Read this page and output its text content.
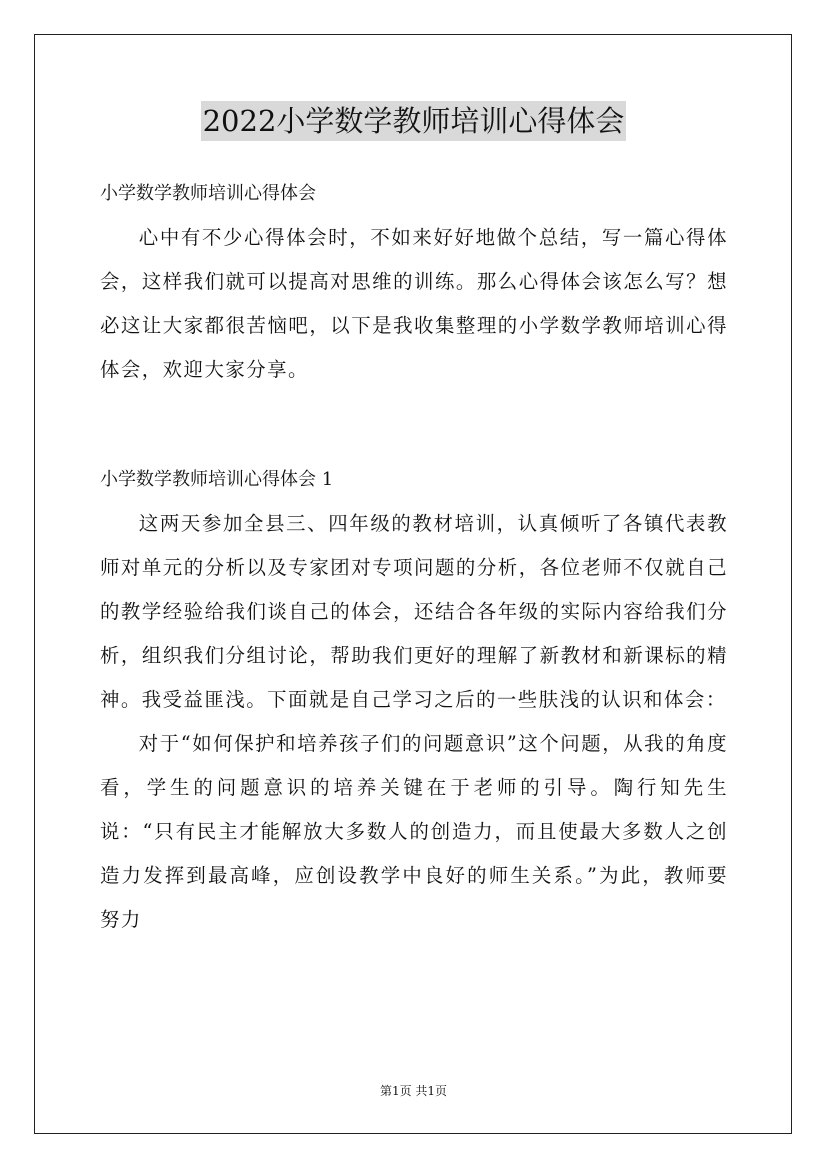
2022小学数学教师培训心得体会

小学数学教师培训心得体会

心中有不少心得体会时，不如来好好地做个总结，写一篇心得体会，这样我们就可以提高对思维的训练。那么心得体会该怎么写？想必这让大家都很苦恼吧，以下是我收集整理的小学数学教师培训心得体会，欢迎大家分享。

小学数学教师培训心得体会 1

这两天参加全县三、四年级的教材培训，认真倾听了各镇代表教师对单元的分析以及专家团对专项问题的分析，各位老师不仅就自己的教学经验给我们谈自己的体会，还结合各年级的实际内容给我们分析，组织我们分组讨论，帮助我们更好的理解了新教材和新课标的精神。我受益匪浅。下面就是自己学习之后的一些肤浅的认识和体会：

对于“如何保护和培养孩子们的问题意识”这个问题，从我的角度看，学生的问题意识的培养关键在于老师的引导。陶行知先生说：“只有民主才能解放大多数人的创造力，而且使最大多数人之创造力发挥到最高峰，应创设教学中良好的师生关系。”为此，教师要努力

第1页 共1页
